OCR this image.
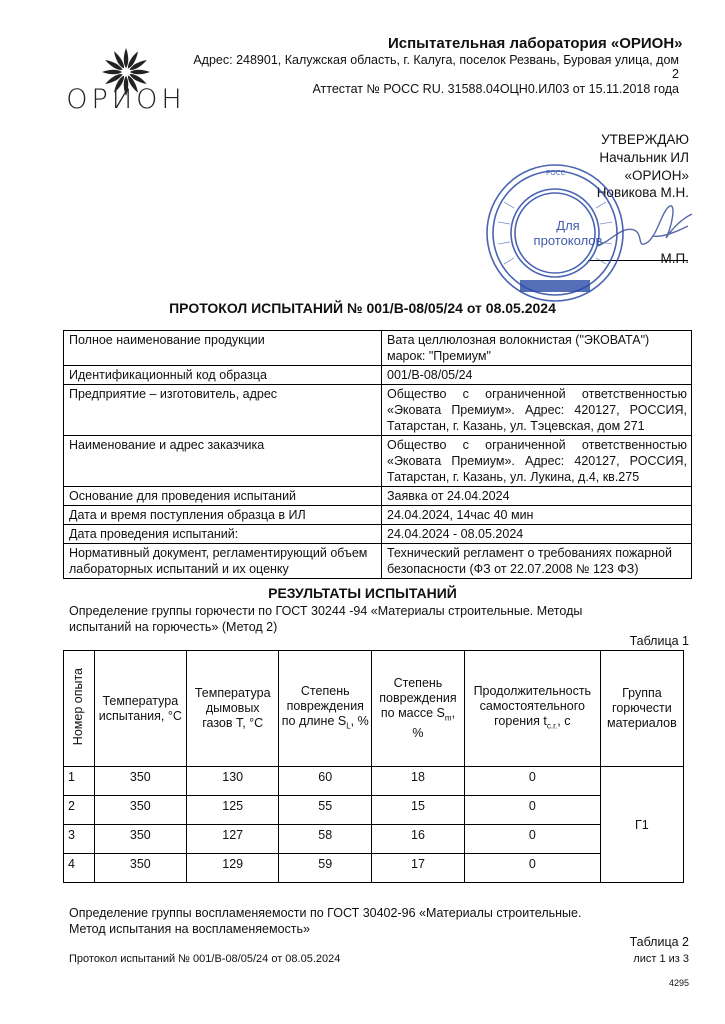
ОРИОН
Испытательная лаборатория «ОРИОН»
Адрес: 248901, Калужская область, г. Калуга, поселок Резвань, Буровая улица, дом
2
Аттестат № РОСС RU. 31588.04ОЦН0.ИЛ03 от 15.11.2018 года
УТВЕРЖДАЮ
Начальник ИЛ
«ОРИОН»
Новикова М.Н.
М.П.
РОСС
Для протоколов
ПРОТОКОЛ ИСПЫТАНИЙ № 001/В-08/05/24 от 08.05.2024
Полное наименование продукции	Вата целлюлозная волокнистая ("ЭКОВАТА") марок: "Премиум"
Идентификационный код образца	001/В-08/05/24
Предприятие – изготовитель, адрес	Общество с ограниченной ответственностью «Эковата Премиум». Адрес: 420127, РОССИЯ, Татарстан, г. Казань, ул. Тэцевская, дом 271
Наименование и адрес заказчика	Общество с ограниченной ответственностью «Эковата Премиум». Адрес: 420127, РОССИЯ, Татарстан, г. Казань, ул. Лукина, д.4, кв.275
Основание для проведения испытаний	Заявка от 24.04.2024
Дата и время поступления образца в ИЛ	24.04.2024, 14час 40 мин
Дата проведения испытаний:	24.04.2024 - 08.05.2024
Нормативный документ, регламентирующий объем лабораторных испытаний и их оценку	Технический регламент о требованиях пожарной безопасности (ФЗ от 22.07.2008 № 123 ФЗ)
РЕЗУЛЬТАТЫ ИСПЫТАНИЙ
Определение группы горючести по ГОСТ 30244 -94 «Материалы строительные. Методы
испытаний на горючесть» (Метод 2)
Таблица 1
Номер опыта	Температура испытания, °С	Температура дымовых газов Т, °С	Степень повреждения по длине $S_L$, %	Степень повреждения по массе $S_m$, %	Продолжительность самостоятельного горения $t_{c.г.}$, с	Группа горючести материалов
1	350	130	60	18	0	Г1
2	350	125	55	15	0	
3	350	127	58	16	0	
4	350	129	59	17	0	
Определение группы воспламеняемости по ГОСТ 30402-96 «Материалы строительные.
Метод испытания на воспламеняемость»
Таблица 2
Протокол испытаний № 001/В-08/05/24 от 08.05.2024	лист 1 из 3
4295
